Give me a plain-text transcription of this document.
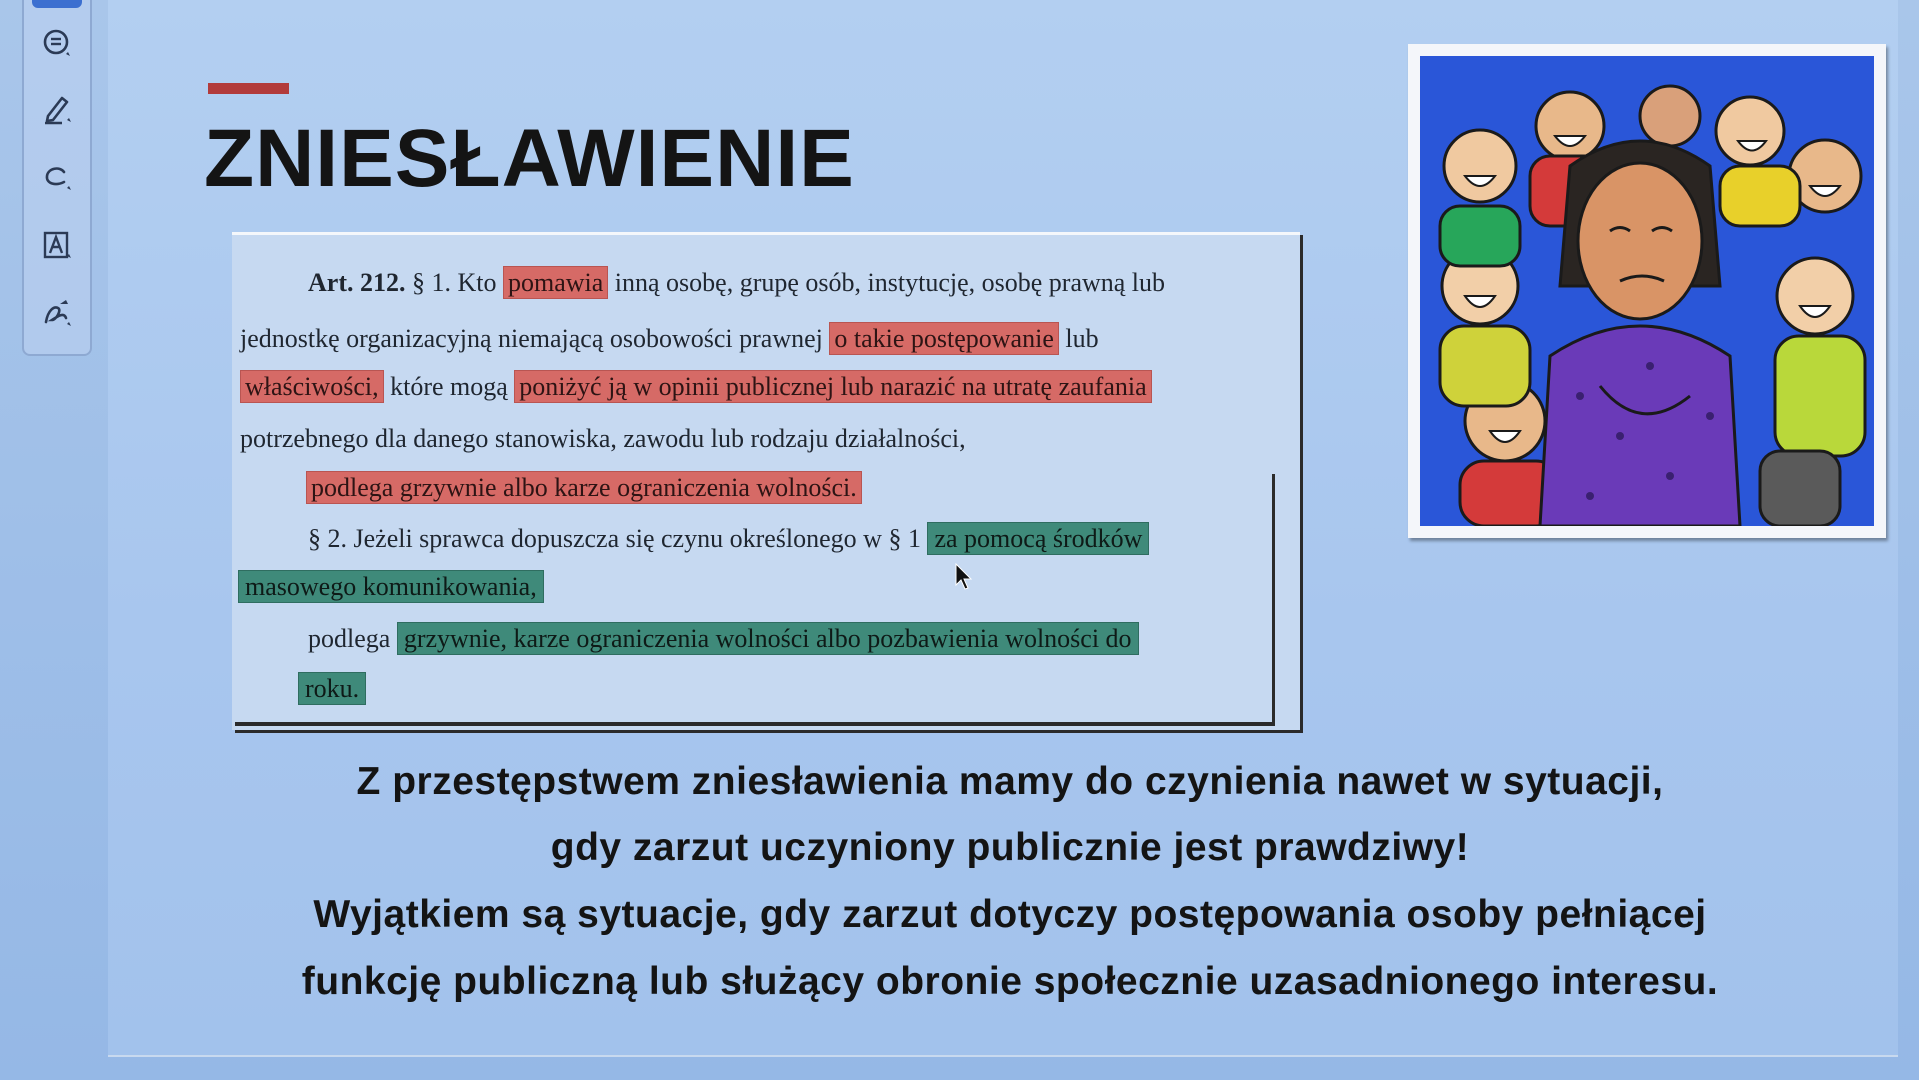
ZNIESŁAWIENIE
Art. 212. § 1. Kto pomawia inną osobę, grupę osób, instytucję, osobę prawną lub
jednostkę organizacyjną niemającą osobowości prawnej o takie postępowanie lub
właściwości, które mogą poniżyć ją w opinii publicznej lub narazić na utratę zaufania
potrzebnego dla danego stanowiska, zawodu lub rodzaju działalności,
podlega grzywnie albo karze ograniczenia wolności.
§ 2. Jeżeli sprawca dopuszcza się czynu określonego w § 1 za pomocą środków
masowego komunikowania,
podlega grzywnie, karze ograniczenia wolności albo pozbawienia wolności do
roku.

Z przestępstwem zniesławienia mamy do czynienia nawet w sytuacji,

gdy zarzut uczyniony publicznie jest prawdziwy!

Wyjątkiem są sytuacje, gdy zarzut dotyczy postępowania osoby pełniącej

funkcję publiczną lub służący obronie społecznie uzasadnionego interesu.
